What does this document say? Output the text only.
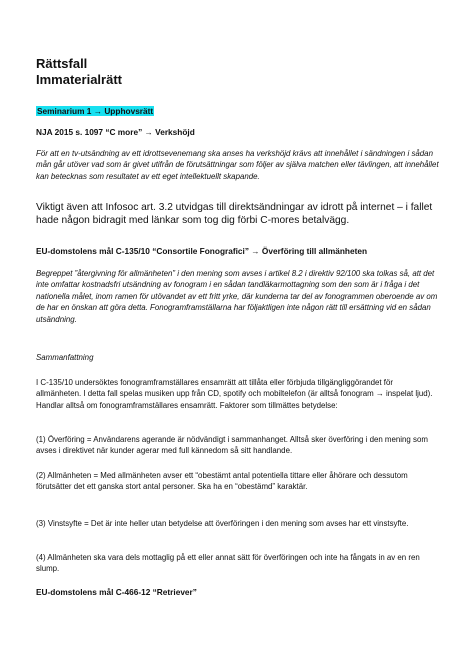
Rättsfall

Immaterialrätt

Seminarium 1 → Upphovsrätt

NJA 2015 s. 1097 “C more” → Verkshöjd

För att en tv-utsändning av ett idrottsevenemang ska anses ha verkshöjd krävs att innehållet i sändningen i sådan mån går utöver vad som är givet utifrån de förutsättningar som följer av själva matchen eller tävlingen, att innehållet kan betecknas som resultatet av ett eget intellektuellt skapande.

Viktigt även att Infosoc art. 3.2 utvidgas till direktsändningar av idrott på internet – i fallet hade någon bidragit med länkar som tog dig förbi C-mores betalvägg.

EU-domstolens mål C-135/10 “Consortile Fonografici” → Överföring till allmänheten

Begreppet ”återgivning för allmänheten” i den mening som avses i artikel 8.2 i direktiv 92/100 ska tolkas så, att det inte omfattar kostnadsfri utsändning av fonogram i en sådan tandläkarmottagning som den som är i fråga i det nationella målet, inom ramen för utövandet av ett fritt yrke, där kunderna tar del av fonogrammen oberoende av om de har en önskan att göra detta. Fonogramframställarna har följaktligen inte någon rätt till ersättning vid en sådan utsändning.

Sammanfattning

I C-135/10 undersöktes fonogramframställares ensamrätt att tillåta eller förbjuda tillgängliggörandet för allmänheten. I detta fall spelas musiken upp från CD, spotify och mobiltelefon (är alltså fonogram → inspelat ljud). Handlar alltså om fonogramframställares ensamrätt. Faktorer som tillmättes betydelse:

(1) Överföring = Användarens agerande är nödvändigt i sammanhanget. Alltså sker överföring i den mening som avses i direktivet när kunder agerar med full kännedom så sitt handlande.

(2) Allmänheten = Med allmänheten avser ett “obestämt antal potentiella tittare eller åhörare och dessutom förutsätter det ett ganska stort antal personer. Ska ha en “obestämd” karaktär.

(3) Vinstsyfte = Det är inte heller utan betydelse att överföringen i den mening som avses har ett vinstsyfte.

(4) Allmänheten ska vara dels mottaglig på ett eller annat sätt för överföringen och inte ha fångats in av en ren slump.

EU-domstolens mål C-466-12 “Retriever”
